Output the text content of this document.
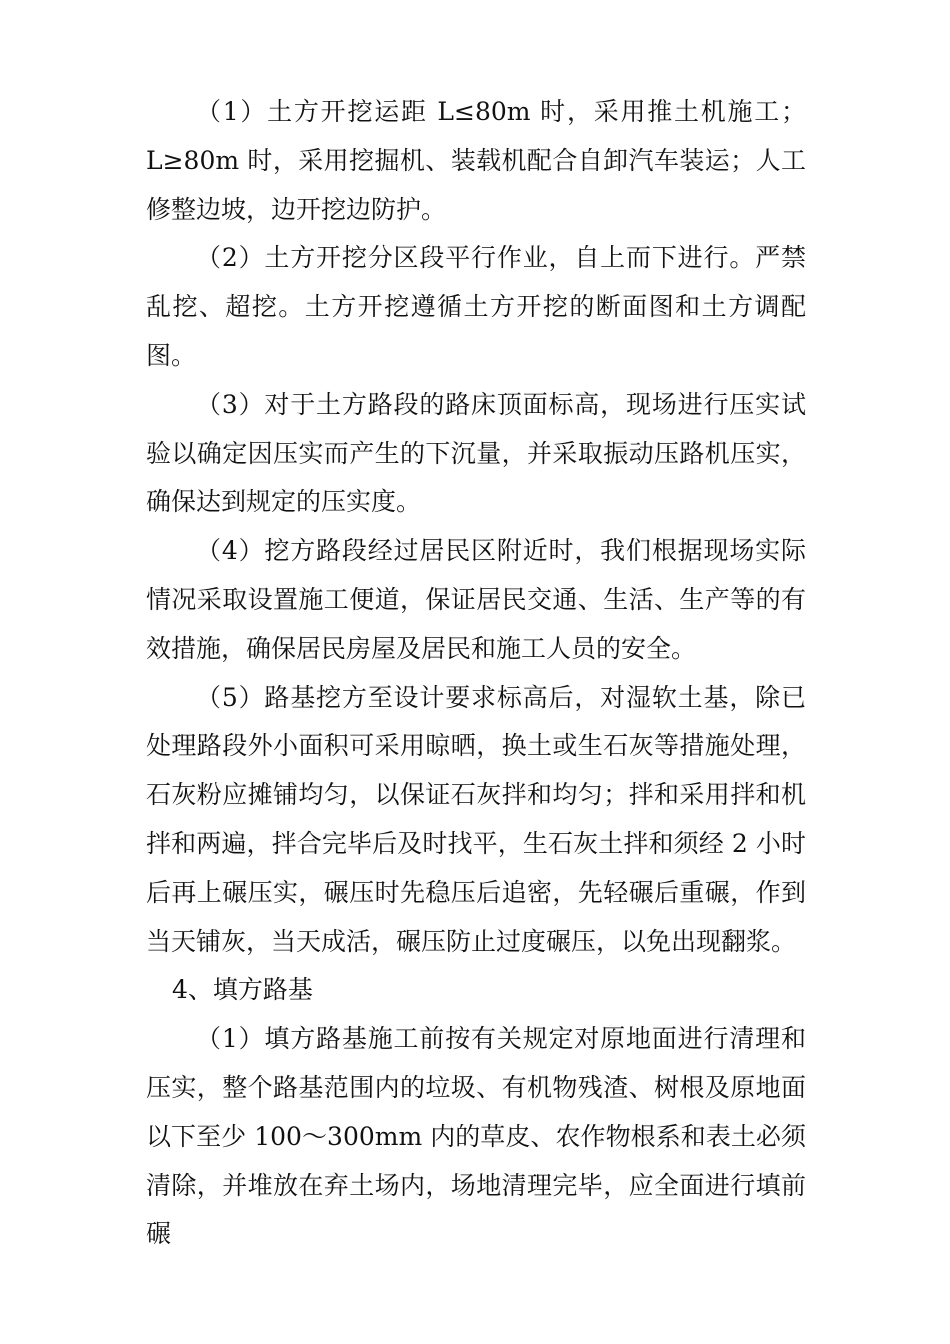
（1）土方开挖运距 L≤80m 时，采用推土机施工；L≥80m 时，采用挖掘机、装载机配合自卸汽车装运；人工修整边坡，边开挖边防护。

（2）土方开挖分区段平行作业，自上而下进行。严禁乱挖、超挖。土方开挖遵循土方开挖的断面图和土方调配图。

（3）对于土方路段的路床顶面标高，现场进行压实试验以确定因压实而产生的下沉量，并采取振动压路机压实，确保达到规定的压实度。

（4）挖方路段经过居民区附近时，我们根据现场实际情况采取设置施工便道，保证居民交通、生活、生产等的有效措施，确保居民房屋及居民和施工人员的安全。

（5）路基挖方至设计要求标高后，对湿软土基，除已处理路段外小面积可采用晾晒，换土或生石灰等措施处理，石灰粉应摊铺均匀，以保证石灰拌和均匀；拌和采用拌和机拌和两遍，拌合完毕后及时找平，生石灰土拌和须经 2 小时后再上碾压实，碾压时先稳压后追密，先轻碾后重碾，作到当天铺灰，当天成活，碾压防止过度碾压，以免出现翻浆。

4、填方路基

（1）填方路基施工前按有关规定对原地面进行清理和压实，整个路基范围内的垃圾、有机物残渣、树根及原地面以下至少 100～300mm 内的草皮、农作物根系和表土必须清除，并堆放在弃土场内，场地清理完毕，应全面进行填前碾
